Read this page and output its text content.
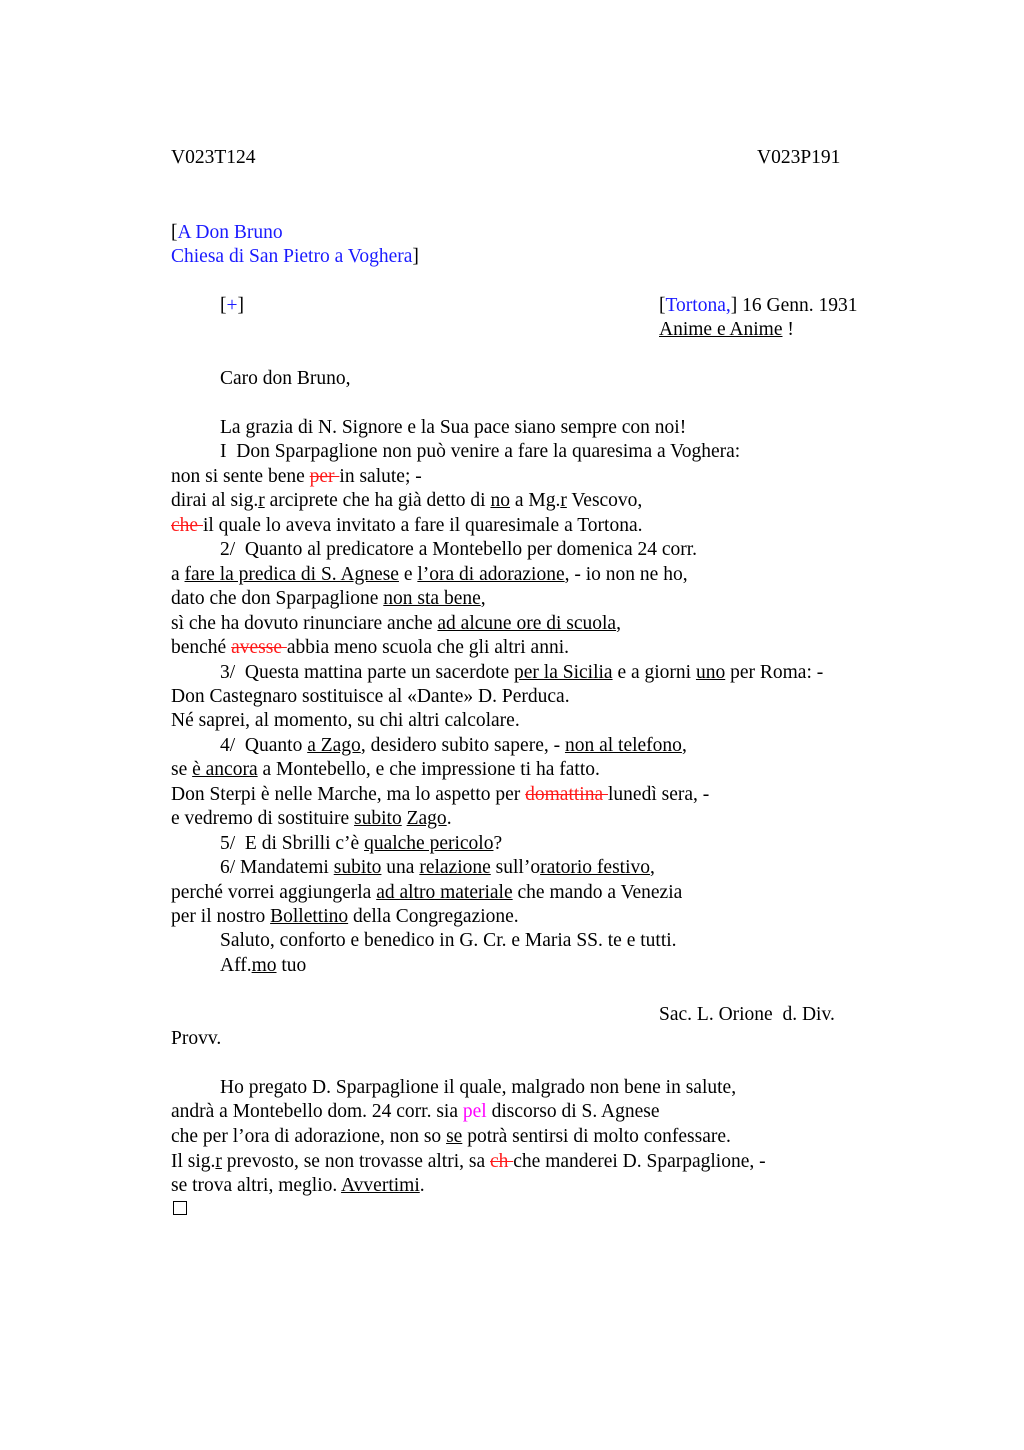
V023T124	V023P191
[A Don Bruno
Chiesa di San Pietro a Voghera]
[+]	[Tortona,] 16 Genn. 1931
Anime e Anime !
Caro don Bruno,
La grazia di N. Signore e la Sua pace siano sempre con noi!
I  Don Sparpaglione non può venire a fare la quaresima a Voghera:
non si sente bene per in salute; -
dirai al sig.r arciprete che ha già detto di no a Mg.r Vescovo,
che il quale lo aveva invitato a fare il quaresimale a Tortona.
2/  Quanto al predicatore a Montebello per domenica 24 corr.
a fare la predica di S. Agnese e l’ora di adorazione, - io non ne ho,
dato che don Sparpaglione non sta bene,
sì che ha dovuto rinunciare anche ad alcune ore di scuola,
benché avesse abbia meno scuola che gli altri anni.
3/  Questa mattina parte un sacerdote per la Sicilia e a giorni uno per Roma: -
Don Castegnaro sostituisce al «Dante» D. Perduca.
Né saprei, al momento, su chi altri calcolare.
4/  Quanto a Zago, desidero subito sapere, - non al telefono,
se è ancora a Montebello, e che impressione ti ha fatto.
Don Sterpi è nelle Marche, ma lo aspetto per domattina lunedì sera, -
e vedremo di sostituire subito Zago.
5/  E di Sbrilli c’è qualche pericolo?
6/ Mandatemi subito una relazione sull’oratorio festivo,
perché vorrei aggiungerla ad altro materiale che mando a Venezia
per il nostro Bollettino della Congregazione.
Saluto, conforto e benedico in G. Cr. e Maria SS. te e tutti.
Aff.mo tuo
Sac. L. Orione  d. Div.
Provv.
Ho pregato D. Sparpaglione il quale, malgrado non bene in salute,
andrà a Montebello dom. 24 corr. sia pel discorso di S. Agnese
che per l’ora di adorazione, non so se potrà sentirsi di molto confessare.
Il sig.r prevosto, se non trovasse altri, sa ch che manderei D. Sparpaglione, -
se trova altri, meglio. Avvertimi.
